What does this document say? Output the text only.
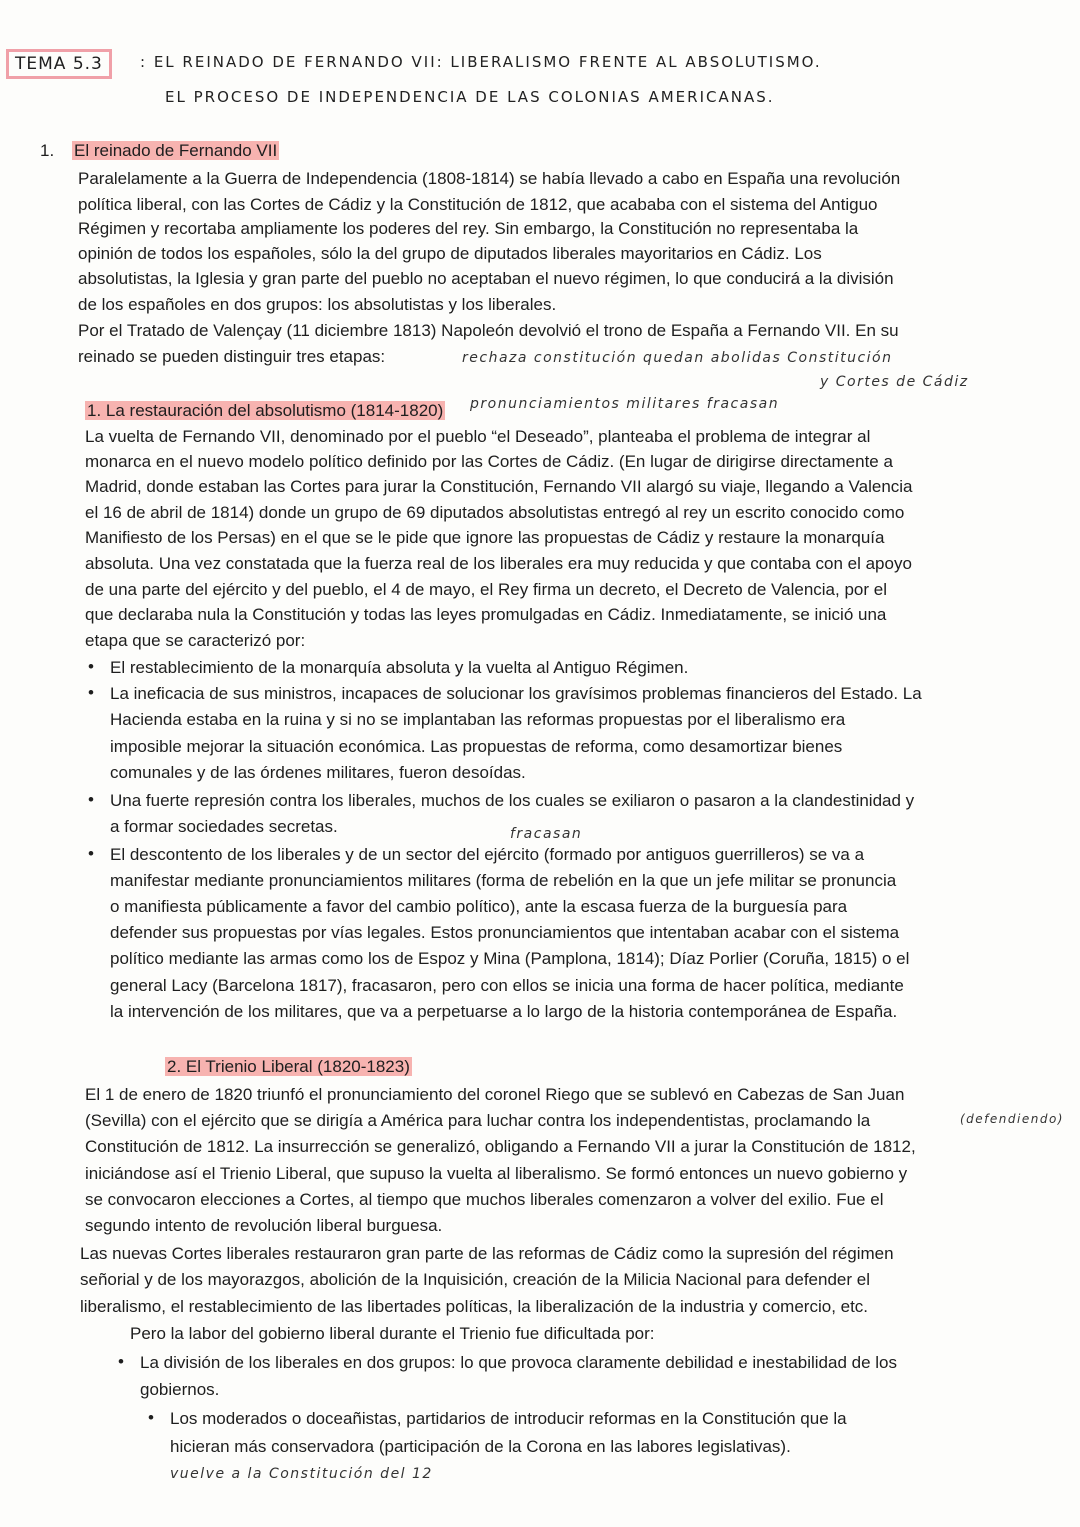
TEMA 5.3	: EL REINADO DE FERNANDO VII: LIBERALISMO FRENTE AL ABSOLUTISMO.
EL PROCESO DE INDEPENDENCIA DE LAS COLONIAS AMERICANAS.
1. El reinado de Fernando VII
1. La restauración del absolutismo (1814-1820)
2. El Trienio Liberal (1820-1823)
rechaza constitución quedan abolidas Constitución
y Cortes de Cádiz
pronunciamientos militares fracasan
fracasan
(defendiendo)
vuelve a la Constitución del 12
Paralelamente a la Guerra de Independencia (1808-1814) se había llevado a cabo en España una revolución
política liberal, con las Cortes de Cádiz y la Constitución de 1812, que acababa con el sistema del Antiguo
Régimen y recortaba ampliamente los poderes del rey. Sin embargo, la Constitución no representaba la
opinión de todos los españoles, sólo la del grupo de diputados liberales mayoritarios en Cádiz. Los
absolutistas, la Iglesia y gran parte del pueblo no aceptaban el nuevo régimen, lo que conducirá a la división
de los españoles en dos grupos: los absolutistas y los liberales.
Por el Tratado de Valençay (11 diciembre 1813) Napoleón devolvió el trono de España a Fernando VII. En su
reinado se pueden distinguir tres etapas:
La vuelta de Fernando VII, denominado por el pueblo “el Deseado”, planteaba el problema de integrar al
monarca en el nuevo modelo político definido por las Cortes de Cádiz. (En lugar de dirigirse directamente a
Madrid, donde estaban las Cortes para jurar la Constitución, Fernando VII alargó su viaje, llegando a Valencia
el 16 de abril de 1814) donde un grupo de 69 diputados absolutistas entregó al rey un escrito conocido como
Manifiesto de los Persas) en el que se le pide que ignore las propuestas de Cádiz y restaure la monarquía
absoluta. Una vez constatada que la fuerza real de los liberales era muy reducida y que contaba con el apoyo
de una parte del ejército y del pueblo, el 4 de mayo, el Rey firma un decreto, el Decreto de Valencia, por el
que declaraba nula la Constitución y todas las leyes promulgadas en Cádiz. Inmediatamente, se inició una
etapa que se caracterizó por:
• El restablecimiento de la monarquía absoluta y la vuelta al Antiguo Régimen.
• La ineficacia de sus ministros, incapaces de solucionar los gravísimos problemas financieros del Estado. La
Hacienda estaba en la ruina y si no se implantaban las reformas propuestas por el liberalismo era
imposible mejorar la situación económica. Las propuestas de reforma, como desamortizar bienes
comunales y de las órdenes militares, fueron desoídas.
• Una fuerte represión contra los liberales, muchos de los cuales se exiliaron o pasaron a la clandestinidad y
a formar sociedades secretas.
• El descontento de los liberales y de un sector del ejército (formado por antiguos guerrilleros) se va a
manifestar mediante pronunciamientos militares (forma de rebelión en la que un jefe militar se pronuncia
o manifiesta públicamente a favor del cambio político), ante la escasa fuerza de la burguesía para
defender sus propuestas por vías legales. Estos pronunciamientos que intentaban acabar con el sistema
político mediante las armas como los de Espoz y Mina (Pamplona, 1814); Díaz Porlier (Coruña, 1815) o el
general Lacy (Barcelona 1817), fracasaron, pero con ellos se inicia una forma de hacer política, mediante
la intervención de los militares, que va a perpetuarse a lo largo de la historia contemporánea de España.
El 1 de enero de 1820 triunfó el pronunciamiento del coronel Riego que se sublevó en Cabezas de San Juan
(Sevilla) con el ejército que se dirigía a América para luchar contra los independentistas, proclamando la
Constitución de 1812. La insurrección se generalizó, obligando a Fernando VII a jurar la Constitución de 1812,
iniciándose así el Trienio Liberal, que supuso la vuelta al liberalismo. Se formó entonces un nuevo gobierno y
se convocaron elecciones a Cortes, al tiempo que muchos liberales comenzaron a volver del exilio. Fue el
segundo intento de revolución liberal burguesa.
Las nuevas Cortes liberales restauraron gran parte de las reformas de Cádiz como la supresión del régimen
señorial y de los mayorazgos, abolición de la Inquisición, creación de la Milicia Nacional para defender el
liberalismo, el restablecimiento de las libertades políticas, la liberalización de la industria y comercio, etc.
Pero la labor del gobierno liberal durante el Trienio fue dificultada por:
• La división de los liberales en dos grupos: lo que provoca claramente debilidad e inestabilidad de los
gobiernos.
• Los moderados o doceañistas, partidarios de introducir reformas en la Constitución que la
hicieran más conservadora (participación de la Corona en las labores legislativas).
